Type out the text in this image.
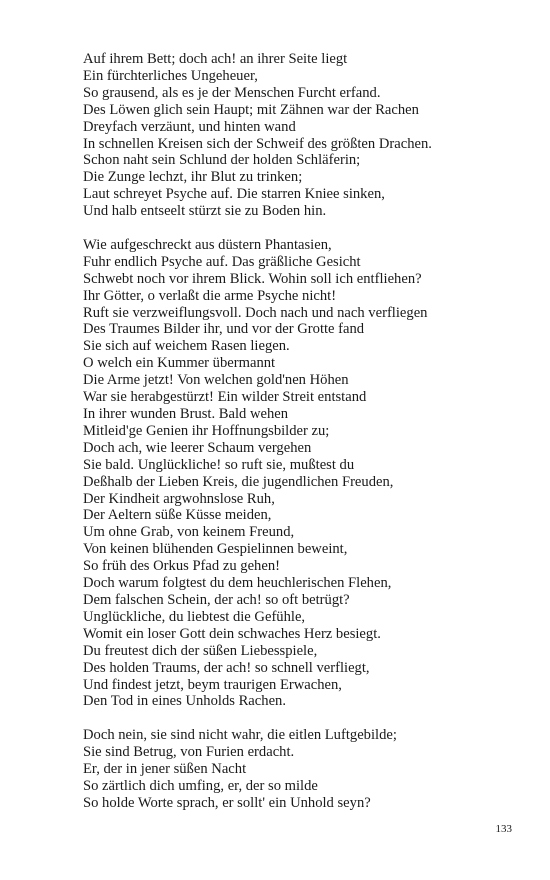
Auf ihrem Bett; doch ach! an ihrer Seite liegt
Ein fürchterliches Ungeheuer,
So grausend, als es je der Menschen Furcht erfand.
Des Löwen glich sein Haupt; mit Zähnen war der Rachen
Dreyfach verzäunt, und hinten wand
In schnellen Kreisen sich der Schweif des größten Drachen.
Schon naht sein Schlund der holden Schläferin;
Die Zunge lechzt, ihr Blut zu trinken;
Laut schreyet Psyche auf. Die starren Kniee sinken,
Und halb entseelt stürzt sie zu Boden hin.
Wie aufgeschreckt aus düstern Phantasien,
Fuhr endlich Psyche auf. Das gräßliche Gesicht
Schwebt noch vor ihrem Blick. Wohin soll ich entfliehen?
Ihr Götter, o verlaßt die arme Psyche nicht!
Ruft sie verzweiflungsvoll. Doch nach und nach verfliegen
Des Traumes Bilder ihr, und vor der Grotte fand
Sie sich auf weichem Rasen liegen.
O welch ein Kummer übermannt
Die Arme jetzt! Von welchen gold'nen Höhen
War sie herabgestürzt! Ein wilder Streit entstand
In ihrer wunden Brust. Bald wehen
Mitleid'ge Genien ihr Hoffnungsbilder zu;
Doch ach, wie leerer Schaum vergehen
Sie bald. Unglückliche! so ruft sie, mußtest du
Deßhalb der Lieben Kreis, die jugendlichen Freuden,
Der Kindheit argwohnslose Ruh,
Der Aeltern süße Küsse meiden,
Um ohne Grab, von keinem Freund,
Von keinen blühenden Gespielinnen beweint,
So früh des Orkus Pfad zu gehen!
Doch warum folgtest du dem heuchlerischen Flehen,
Dem falschen Schein, der ach! so oft betrügt?
Unglückliche, du liebtest die Gefühle,
Womit ein loser Gott dein schwaches Herz besiegt.
Du freutest dich der süßen Liebesspiele,
Des holden Traums, der ach! so schnell verfliegt,
Und findest jetzt, beym traurigen Erwachen,
Den Tod in eines Unholds Rachen.
Doch nein, sie sind nicht wahr, die eitlen Luftgebilde;
Sie sind Betrug, von Furien erdacht.
Er, der in jener süßen Nacht
So zärtlich dich umfing, er, der so milde
So holde Worte sprach, er sollt' ein Unhold seyn?
133
